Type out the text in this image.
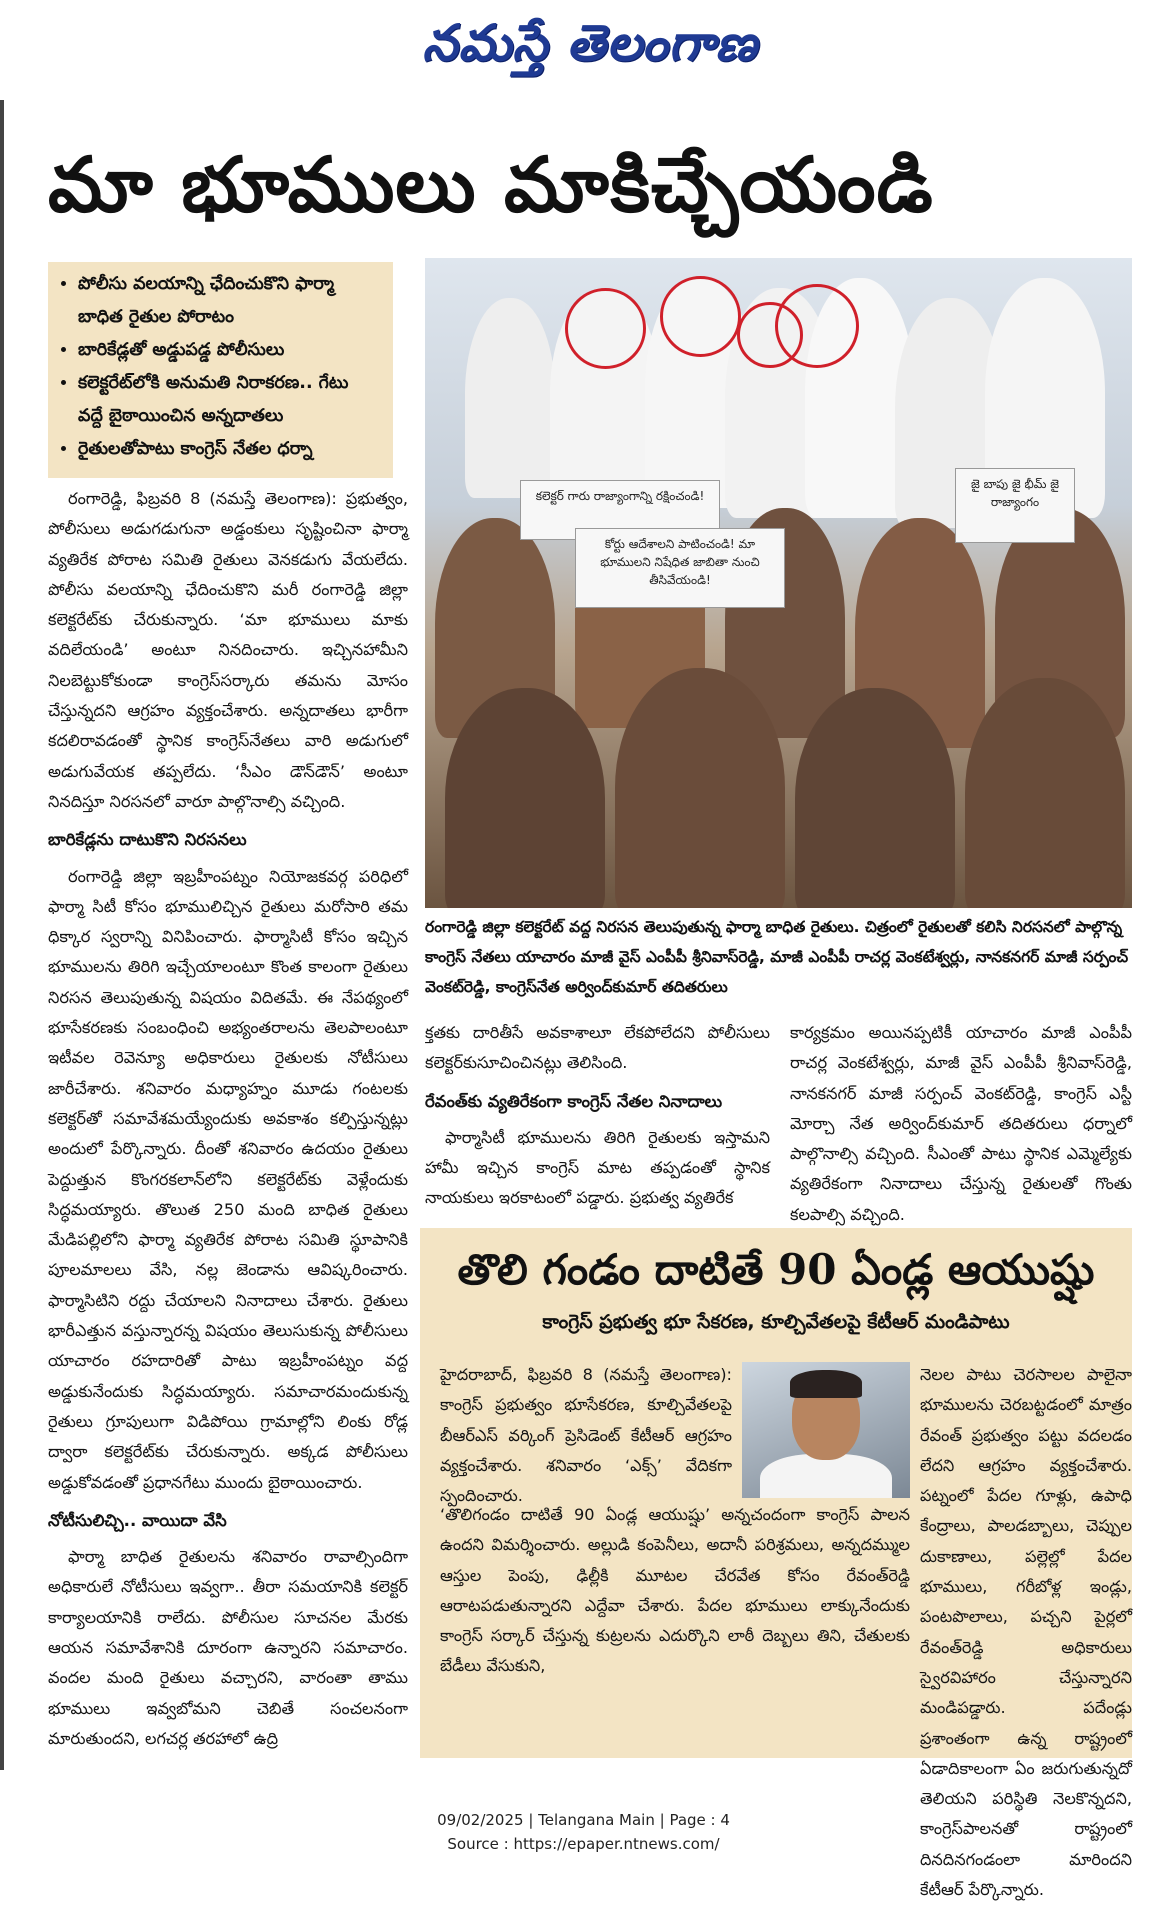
నమస్తే తెలంగాణ
మా భూములు మాకిచ్చేయండి
• పోలీసు వలయాన్ని ఛేదించుకొని ఫార్మా బాధిత రైతుల పోరాటం
• బారికేడ్లతో అడ్డుపడ్డ పోలీసులు
• కలెక్టరేట్‌లోకి అనుమతి నిరాకరణ.. గేటు వద్దే బైఠాయించిన అన్నదాతలు
• రైతులతోపాటు కాంగ్రెస్ నేతల ధర్నా
కలెక్టర్ గారు రాజ్యాంగాన్ని రక్షించండి!
కోర్టు ఆదేశాలని పాటించండి! మా భూములని నిషేధిత జాబితా నుంచి తీసివేయండి!
జై బాపు జై భీమ్ జై రాజ్యాంగం
రంగారెడ్డి జిల్లా కలెక్టరేట్ వద్ద నిరసన తెలుపుతున్న ఫార్మా బాధిత రైతులు. చిత్రంలో రైతులతో కలిసి నిరసనలో పాల్గొన్న కాంగ్రెస్ నేతలు యాచారం మాజీ వైస్ ఎంపీపీ శ్రీనివాస్‌రెడ్డి, మాజీ ఎంపీపీ రాచర్ల వెంకటేశ్వర్లు, నానకనగర్ మాజీ సర్పంచ్ వెంకట్‌రెడ్డి, కాంగ్రెస్‌నేత అర్వింద్‌కుమార్ తదితరులు

రంగారెడ్డి, ఫిబ్రవరి 8 (నమస్తే తెలంగాణ): ప్రభుత్వం, పోలీసులు అడుగడుగునా అడ్డంకులు సృష్టించినా ఫార్మా వ్యతిరేక పోరాట సమితి రైతులు వెనకడుగు వేయలేదు. పోలీసు వలయాన్ని ఛేదించుకొని మరీ రంగారెడ్డి జిల్లా కలెక్టరేట్‌కు చేరుకున్నారు. ‘మా భూములు మాకు వదిలేయండి’ అంటూ నినదించారు. ఇచ్చినహామీని నిలబెట్టుకోకుండా కాంగ్రెస్‌సర్కారు తమను మోసం చేస్తున్నదని ఆగ్రహం వ్యక్తంచేశారు. అన్నదాతలు భారీగా కదలిరావడంతో స్థానిక కాంగ్రెస్‌నేతలు వారి అడుగులో అడుగువేయక తప్పలేదు. ‘సీఎం డౌన్‌డౌన్’ అంటూ నినదిస్తూ నిరసనలో వారూ పాల్గొనాల్సి వచ్చింది.

బారికేడ్లను దాటుకొని నిరసనలు

రంగారెడ్డి జిల్లా ఇబ్రహీంపట్నం నియోజకవర్గ పరిధిలో ఫార్మా సిటీ కోసం భూములిచ్చిన రైతులు మరోసారి తమ ధిక్కార స్వరాన్ని వినిపించారు. ఫార్మాసిటీ కోసం ఇచ్చిన భూములను తిరిగి ఇచ్చేయాలంటూ కొంత కాలంగా రైతులు నిరసన తెలుపుతున్న విషయం విదితమే. ఈ నేపథ్యంలో భూసేకరణకు సంబంధించి అభ్యంతరాలను తెలపాలంటూ ఇటీవల రెవెన్యూ అధికారులు రైతులకు నోటీసులు జారీచేశారు. శనివారం మధ్యాహ్నం మూడు గంటలకు కలెక్టర్‌తో సమావేశమయ్యేందుకు అవకాశం కల్పిస్తున్నట్లు అందులో పేర్కొన్నారు. దీంతో శనివారం ఉదయం రైతులు పెద్దుత్తున కొంగరకలాన్‌లోని కలెక్టరేట్‌కు వెళ్లేందుకు సిద్ధమయ్యారు. తొలుత 250 మంది బాధిత రైతులు మేడిపల్లిలోని ఫార్మా వ్యతిరేక పోరాట సమితి స్థూపానికి పూలమాలలు వేసి, నల్ల జెండాను ఆవిష్కరించారు. ఫార్మాసిటిని రద్దు చేయాలని నినాదాలు చేశారు. రైతులు భారీఎత్తున వస్తున్నారన్న విషయం తెలుసుకున్న పోలీసులు యాచారం రహదారితో పాటు ఇబ్రహీంపట్నం వద్ద అడ్డుకునేందుకు సిద్ధమయ్యారు. సమాచారమందుకున్న రైతులు గ్రూపులుగా విడిపోయి గ్రామాల్లోని లింకు రోడ్ల ద్వారా కలెక్టరేట్‌కు చేరుకున్నారు. అక్కడ పోలీసులు అడ్డుకోవడంతో ప్రధానగేటు ముందు బైఠాయించారు.

నోటీసులిచ్చి.. వాయిదా వేసి

ఫార్మా బాధిత రైతులను శనివారం రావాల్సిందిగా అధికారులే నోటీసులు ఇవ్వగా.. తీరా సమయానికి కలెక్టర్ కార్యాలయానికి రాలేదు. పోలీసుల సూచనల మేరకు ఆయన సమావేశానికి దూరంగా ఉన్నారని సమాచారం. వందల మంది రైతులు వచ్చారని, వారంతా తాము భూములు ఇవ్వబోమని చెబితే సంచలనంగా మారుతుందని, లగచర్ల తరహాలో ఉద్రి

క్తతకు దారితీసే అవకాశాలూ లేకపోలేదని పోలీసులు కలెక్టర్‌కుసూచించినట్లు తెలిసింది.

రేవంత్‌కు వ్యతిరేకంగా కాంగ్రెస్ నేతల నినాదాలు

ఫార్మాసిటీ భూములను తిరిగి రైతులకు ఇస్తామని హామీ ఇచ్చిన కాంగ్రెస్ మాట తప్పడంతో స్థానిక నాయకులు ఇరకాటంలో పడ్డారు. ప్రభుత్వ వ్యతిరేక

కార్యక్రమం అయినప్పటికీ యాచారం మాజీ ఎంపీపీ రాచర్ల వెంకటేశ్వర్లు, మాజీ వైస్ ఎంపీపీ శ్రీనివాస్‌రెడ్డి, నానకనగర్ మాజీ సర్పంచ్ వెంకట్‌రెడ్డి, కాంగ్రెస్ ఎస్టీ మోర్చా నేత అర్వింద్‌కుమార్ తదితరులు ధర్నాలో పాల్గొనాల్సి వచ్చింది. సీఎంతో పాటు స్థానిక ఎమ్మెల్యేకు వ్యతిరేకంగా నినాదాలు చేస్తున్న రైతులతో గొంతు కలపాల్సి వచ్చింది.

తొలి గండం దాటితే 90 ఏండ్ల ఆయుష్షు
కాంగ్రెస్ ప్రభుత్వ భూ సేకరణ, కూల్చివేతలపై కేటీఆర్ మండిపాటు
హైదరాబాద్, ఫిబ్రవరి 8 (నమస్తే తెలంగాణ): కాంగ్రెస్ ప్రభుత్వం భూసేకరణ, కూల్చివేతలపై బీఆర్‌ఎస్ వర్కింగ్ ప్రెసిడెంట్ కేటీఆర్ ఆగ్రహం వ్యక్తంచేశారు. శనివారం ‘ఎక్స్’ వేదికగా స్పందించారు.
నెలల పాటు చెరసాలల పాలైనా భూములను చెరబట్టడంలో మాత్రం రేవంత్ ప్రభుత్వం పట్టు వదలడం లేదని ఆగ్రహం వ్యక్తంచేశారు. పట్నంలో పేదల గూళ్లు, ఉపాధి కేంద్రాలు, పాలడబ్బాలు, చెప్పుల దుకాణాలు, పల్లెల్లో పేదల భూములు, గరీబోళ్ల ఇండ్లు, పంటపొలాలు, పచ్చని పైర్లలో రేవంత్‌రెడ్డి అధికారులు స్వైరవిహారం చేస్తున్నారని మండిపడ్డారు. పదేండ్లు ప్రశాంతంగా ఉన్న రాష్ట్రంలో ఏడాదికాలంగా ఏం జరుగుతున్నదో తెలియని పరిస్థితి నెలకొన్నదని, కాంగ్రెస్‌పాలనతో రాష్ట్రంలో దినదినగండంలా మారిందని కేటీఆర్ పేర్కొన్నారు.
‘తొలిగండం దాటితే 90 ఏండ్ల ఆయుష్షు’ అన్నచందంగా కాంగ్రెస్ పాలన ఉందని విమర్శించారు. అల్లుడి కంపెనీలు, అదానీ పరిశ్రమలు, అన్నదమ్ముల ఆస్తుల పెంపు, ఢిల్లీకి మూటల చేరవేత కోసం రేవంత్‌రెడ్డి ఆరాటపడుతున్నారని ఎద్దేవా చేశారు. పేదల భూములు లాక్కునేందుకు కాంగ్రెస్ సర్కార్ చేస్తున్న కుట్రలను ఎదుర్కొని లాఠీ దెబ్బలు తిని, చేతులకు బేడీలు వేసుకుని,
09/02/2025 | Telangana Main | Page : 4
Source : https://epaper.ntnews.com/
